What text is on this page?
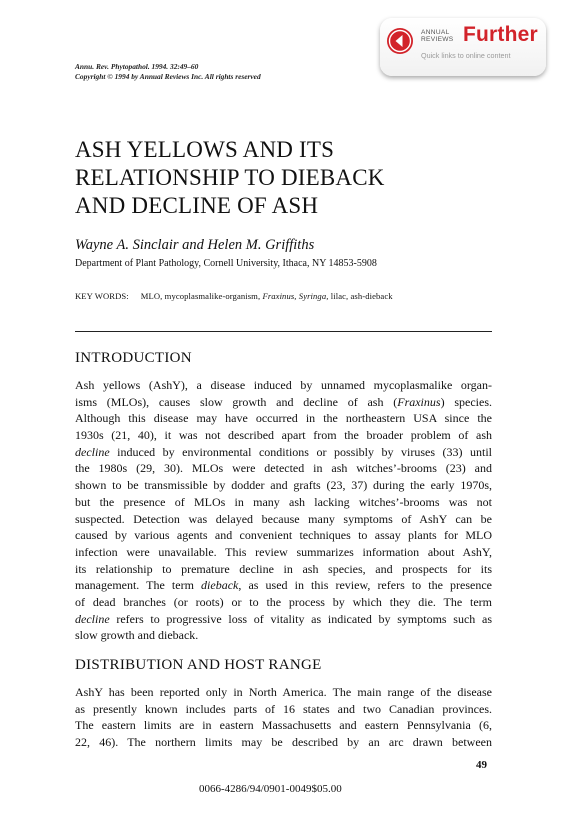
Annu. Rev. Phytopathol. 1994. 32:49–60
Copyright © 1994 by Annual Reviews Inc. All rights reserved
ANNUAL
REVIEWS Further
Quick links to online content
ASH YELLOWS AND ITS
RELATIONSHIP TO DIEBACK
AND DECLINE OF ASH
Wayne A. Sinclair and Helen M. Griffiths
Department of Plant Pathology, Cornell University, Ithaca, NY 14853-5908
KEY WORDS: MLO, mycoplasmalike-organism, Fraxinus, Syringa, lilac, ash-dieback
INTRODUCTION
Ash yellows (AshY), a disease induced by unnamed mycoplasmalike organ-
isms (MLOs), causes slow growth and decline of ash (Fraxinus) species.
Although this disease may have occurred in the northeastern USA since the
1930s (21, 40), it was not described apart from the broader problem of ash
decline induced by environmental conditions or possibly by viruses (33) until
the 1980s (29, 30). MLOs were detected in ash witches’-brooms (23) and
shown to be transmissible by dodder and grafts (23, 37) during the early 1970s,
but the presence of MLOs in many ash lacking witches’-brooms was not
suspected. Detection was delayed because many symptoms of AshY can be
caused by various agents and convenient techniques to assay plants for MLO
infection were unavailable. This review summarizes information about AshY,
its relationship to premature decline in ash species, and prospects for its
management. The term dieback, as used in this review, refers to the presence
of dead branches (or roots) or to the process by which they die. The term
decline refers to progressive loss of vitality as indicated by symptoms such as
slow growth and dieback.
DISTRIBUTION AND HOST RANGE
AshY has been reported only in North America. The main range of the disease
as presently known includes parts of 16 states and two Canadian provinces.
The eastern limits are in eastern Massachusetts and eastern Pennsylvania (6,
22, 46). The northern limits may be described by an arc drawn between
49
0066-4286/94/0901-0049$05.00
